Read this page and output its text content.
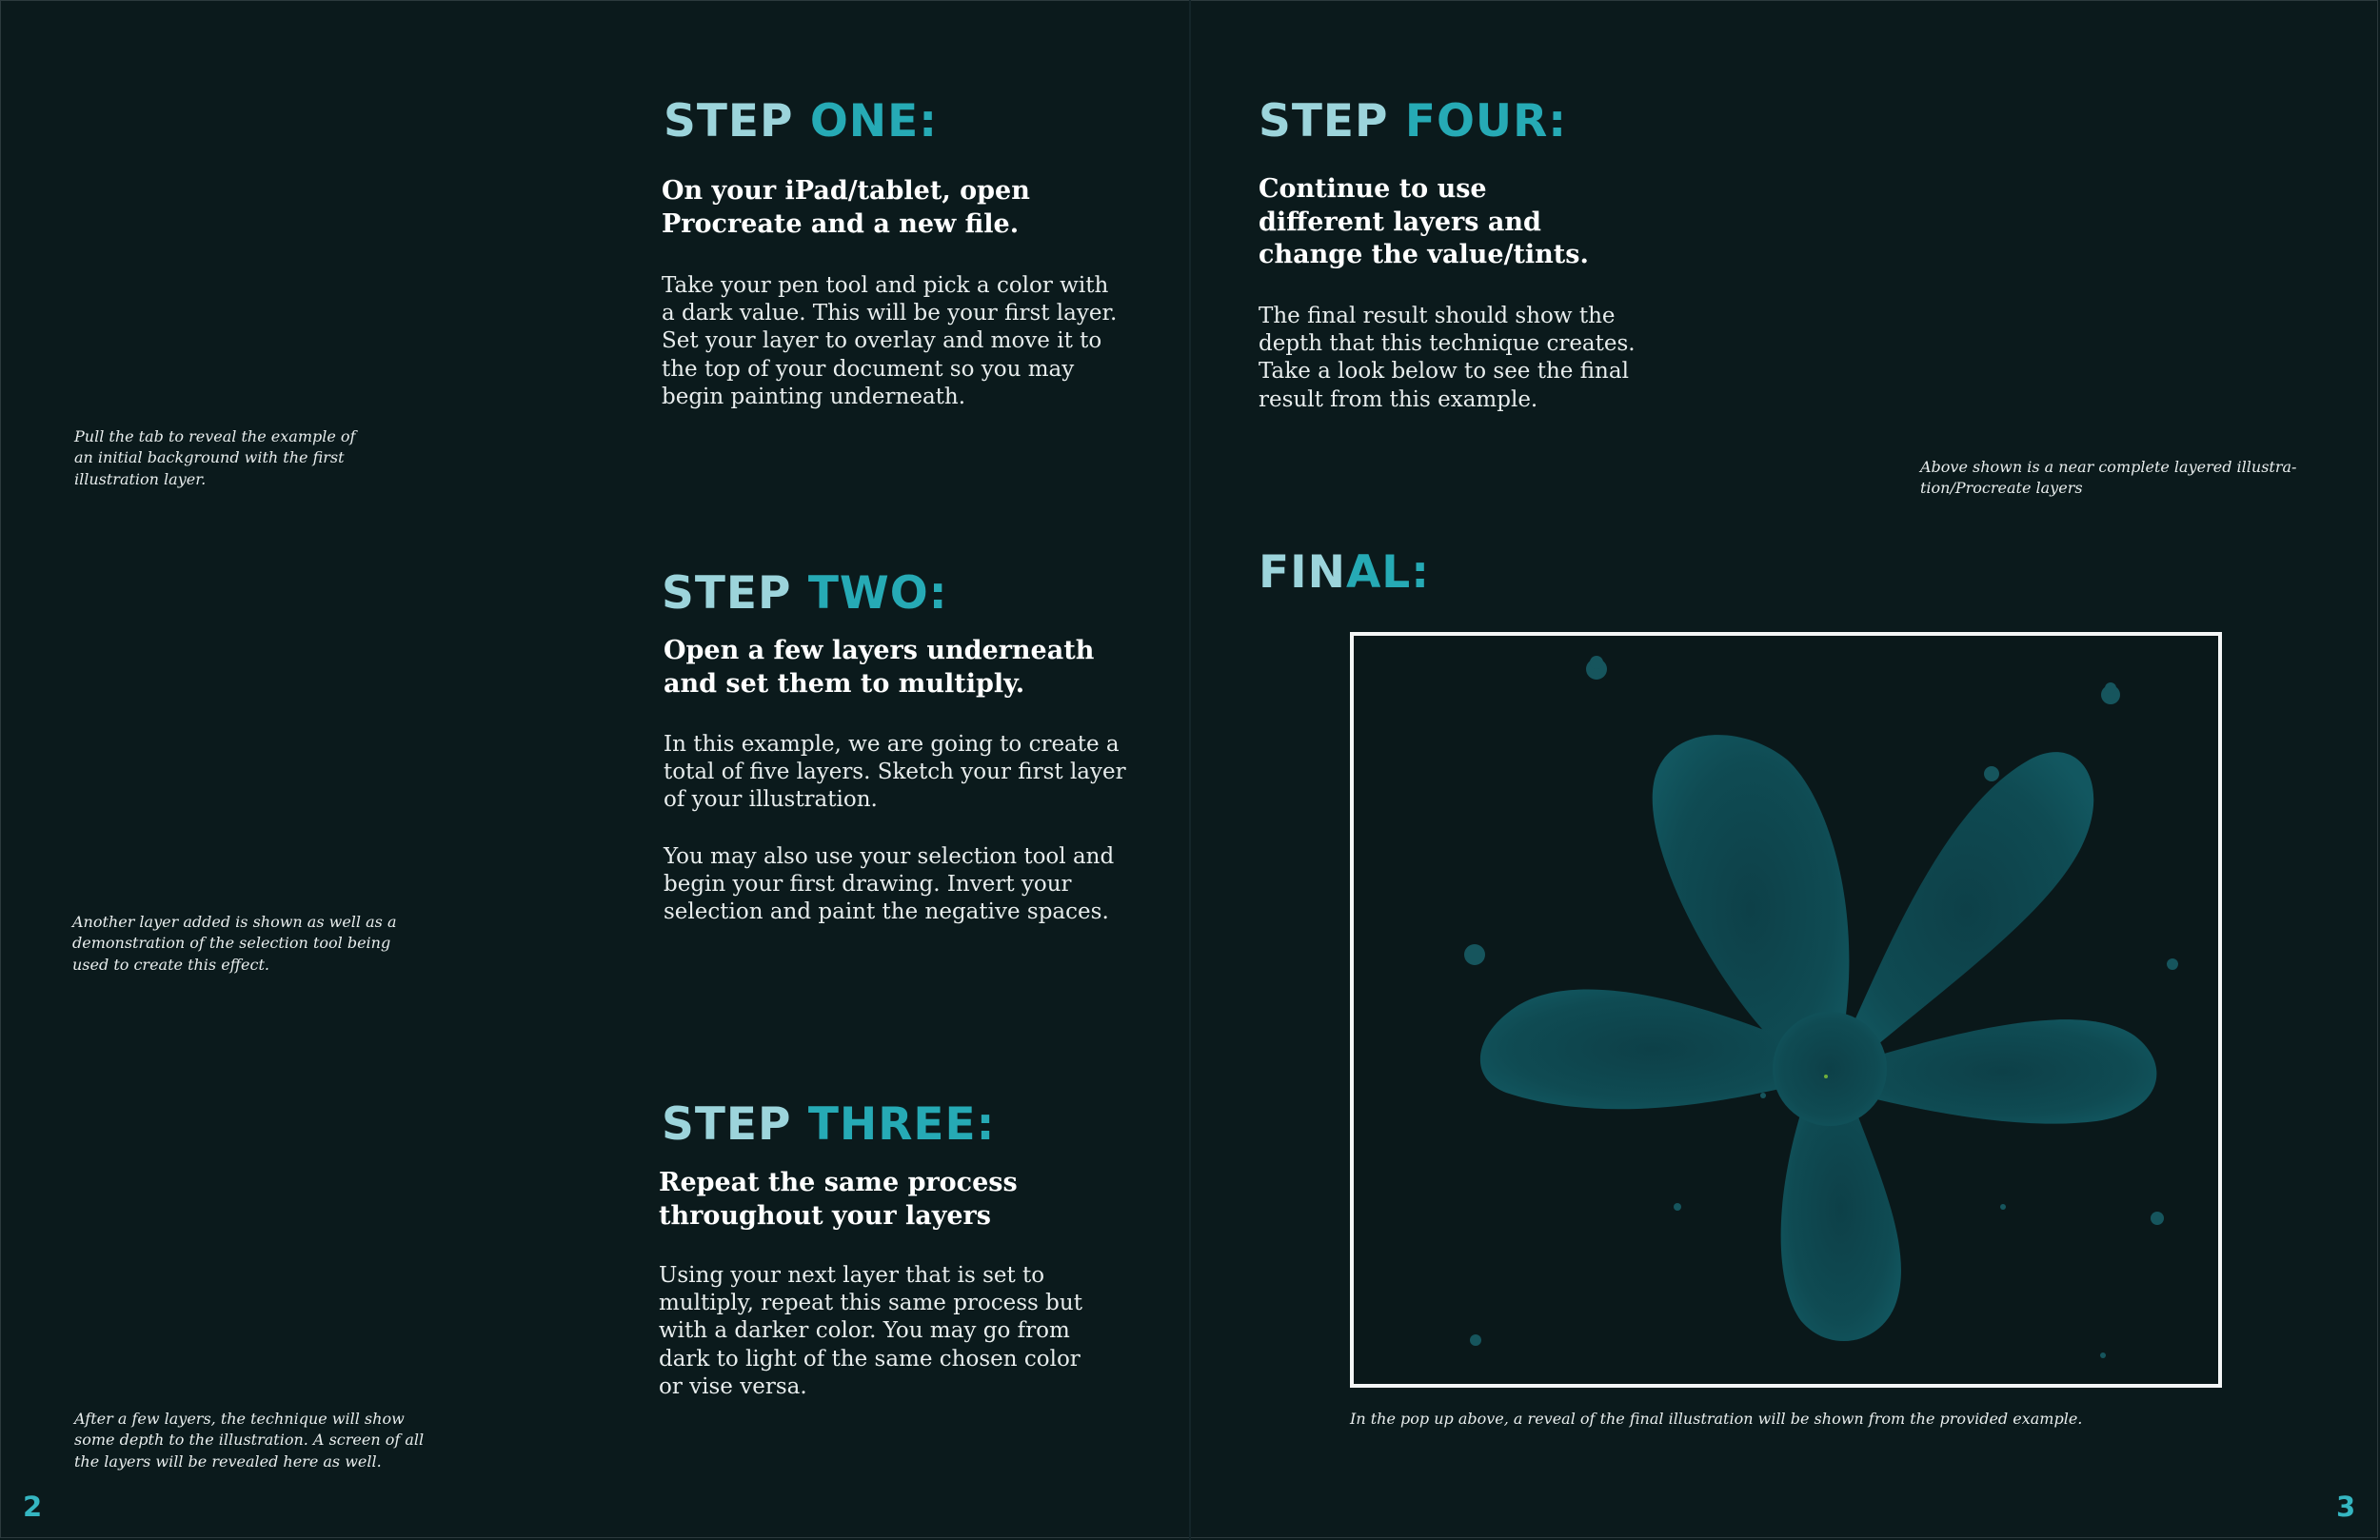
Pull the tab to reveal the example of an initial background with the first illustration layer.

STEP ONE:

On your iPad/tablet, open Procreate and a new file.

Take your pen tool and pick a color with a dark value. This will be your first layer. Set your layer to overlay and move it to the top of your document so you may begin painting underneath.

STEP TWO:

Open a few layers underneath and set them to multiply.

In this example, we are going to create a total of five layers. Sketch your first layer of your illustration.

You may also use your selection tool and begin your first drawing. Invert your selection and paint the negative spaces.

Another layer added is shown as well as a demonstration of the selection tool being used to create this effect.

STEP THREE:

Repeat the same process throughout your layers

Using your next layer that is set to multiply, repeat this same process but with a darker color. You may go from dark to light of the same chosen color or vise versa.

After a few layers, the technique will show some depth to the illustration. A screen of all the layers will be revealed here as well.

2

STEP FOUR:

Continue to use different layers and change the value/tints.

The final result should show the depth that this technique creates. Take a look below to see the final result from this example.

Above shown is a near complete layered illustra-tion/Procreate layers

FINAL:

In the pop up above, a reveal of the final illustration will be shown from the provided example.

3
